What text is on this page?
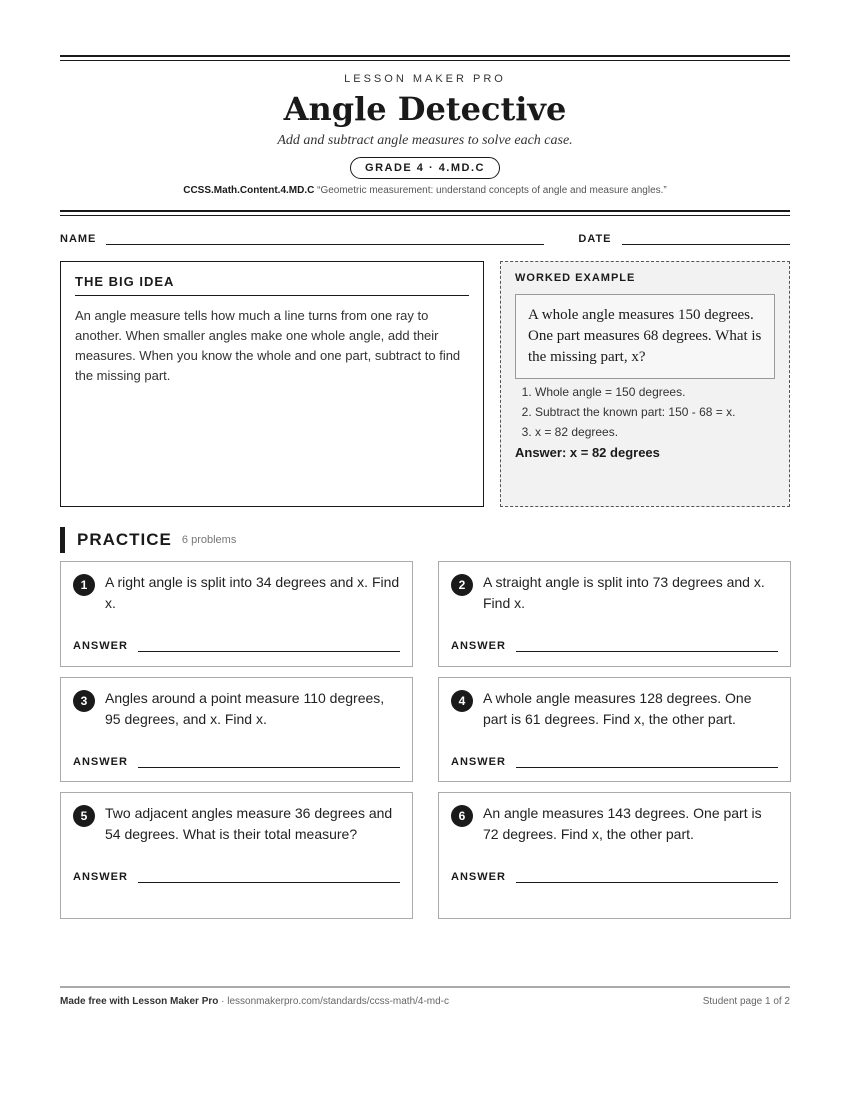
LESSON MAKER PRO
Angle Detective
Add and subtract angle measures to solve each case.
GRADE 4 · 4.MD.C
CCSS.Math.Content.4.MD.C “Geometric measurement: understand concepts of angle and measure angles.”
NAME	DATE
THE BIG IDEA

An angle measure tells how much a line turns from one ray to another. When smaller angles make one whole angle, add their measures. When you know the whole and one part, subtract to find the missing part.

WORKED EXAMPLE
A whole angle measures 150 degrees. One part measures 68 degrees. What is the missing part, x?
1. Whole angle = 150 degrees.
2. Subtract the known part: 150 - 68 = x.
3. x = 82 degrees.
Answer: x = 82 degrees
PRACTICE 6 problems
1	A right angle is split into 34 degrees and x. Find x.
ANSWER
2	A straight angle is split into 73 degrees and x. Find x.
ANSWER
3	Angles around a point measure 110 degrees, 95 degrees, and x. Find x.
ANSWER
4	A whole angle measures 128 degrees. One part is 61 degrees. Find x, the other part.
ANSWER
5	Two adjacent angles measure 36 degrees and 54 degrees. What is their total measure?
ANSWER
6	An angle measures 143 degrees. One part is 72 degrees. Find x, the other part.
ANSWER
Made free with Lesson Maker Pro · lessonmakerpro.com/standards/ccss-math/4-md-c	Student page 1 of 2
